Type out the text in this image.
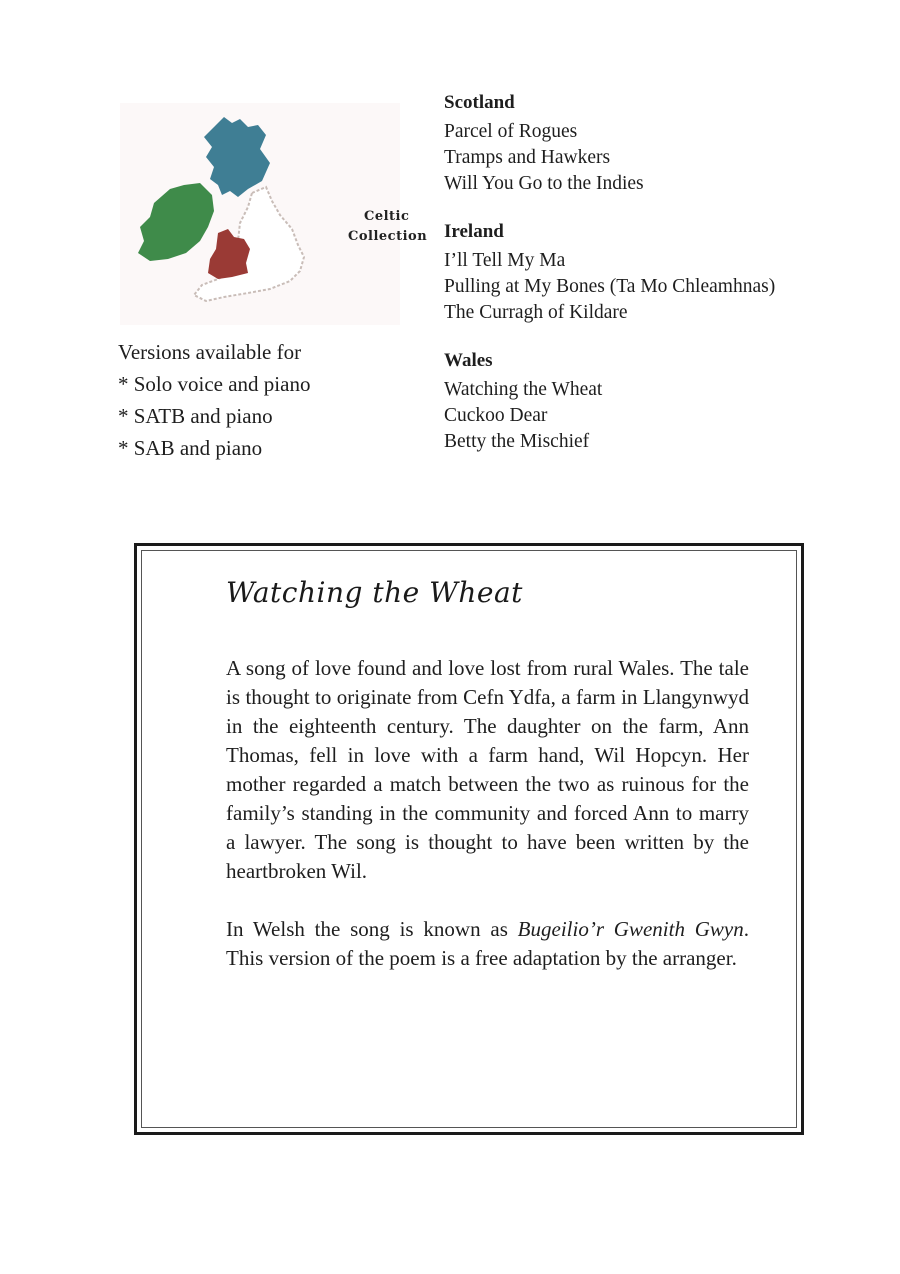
Celtic
Collection
Versions available for
* Solo voice and piano
* SATB and piano
* SAB and piano
Scotland
Parcel of Rogues
Tramps and Hawkers
Will You Go to the Indies
Ireland
I’ll Tell My Ma
Pulling at My Bones (Ta Mo Chleamhnas)
The Curragh of Kildare
Wales
Watching the Wheat
Cuckoo Dear
Betty the Mischief
Watching the Wheat

A song of love found and love lost from rural Wales. The tale is thought to originate from Cefn Ydfa, a farm in Llangynwyd in the eighteenth century. The daughter on the farm, Ann Thomas, fell in love with a farm hand, Wil Hopcyn. Her mother regarded a match between the two as ruinous for the family’s standing in the community and forced Ann to marry a lawyer. The song is thought to have been written by the heartbroken Wil.

In Welsh the song is known as Bugeilio’r Gwenith Gwyn. This version of the poem is a free adaptation by the arranger.
